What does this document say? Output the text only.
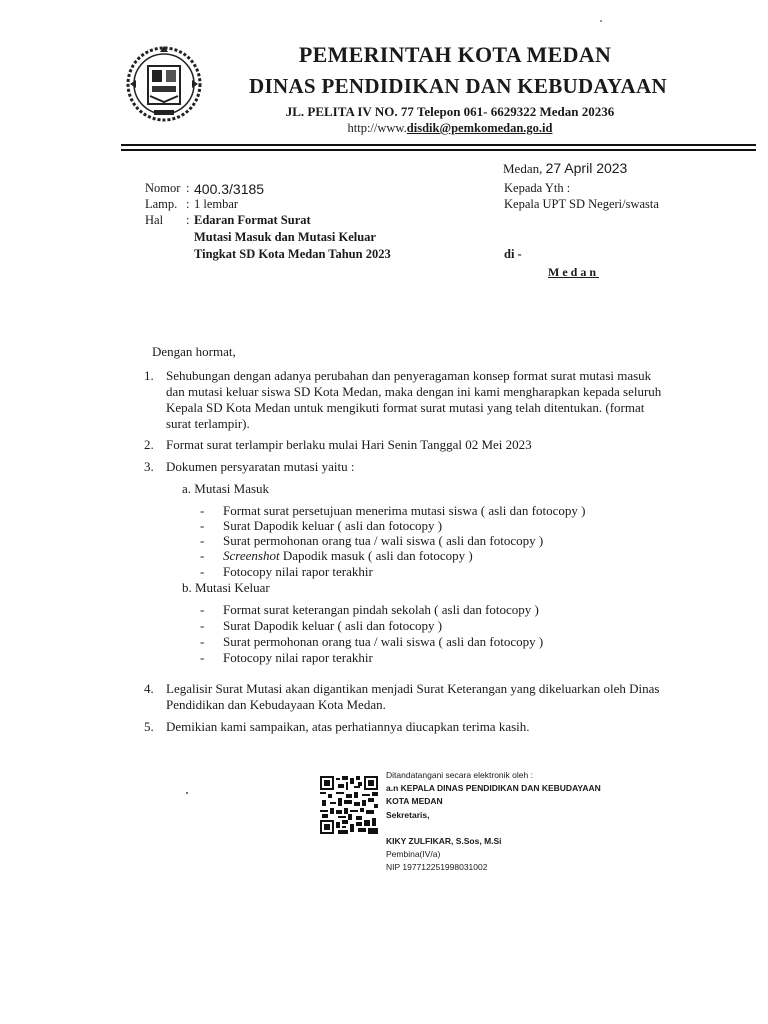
PEMERINTAH KOTA MEDAN
DINAS PENDIDIKAN DAN KEBUDAYAAN
JL. PELITA IV NO. 77 Telepon 061- 6629322 Medan 20236
http://www.disdik@pemkomedan.go.id
Medan, 27 April 2023
Nomor : 400.3/3185
Lamp. : 1 lembar
Hal	: Edaran Format Surat
Mutasi Masuk dan Mutasi Keluar
Tingkat SD Kota Medan Tahun 2023
Kepada Yth :
Kepala UPT SD Negeri/swasta
di -
Medan
Dengan hormat,
1. Sehubungan dengan adanya perubahan dan penyeragaman konsep format surat mutasi masuk
dan mutasi keluar siswa SD Kota Medan, maka dengan ini kami mengharapkan kepada seluruh
Kepala SD Kota Medan untuk mengikuti format surat mutasi yang telah ditentukan. (format
surat terlampir).
2. Format surat terlampir berlaku mulai Hari Senin Tanggal 02 Mei 2023
3. Dokumen persyaratan mutasi yaitu :
a. Mutasi Masuk
- Format surat persetujuan menerima mutasi siswa ( asli dan fotocopy )
- Surat Dapodik keluar ( asli dan fotocopy )
- Surat permohonan orang tua / wali siswa ( asli dan fotocopy )
- Screenshot Dapodik masuk ( asli dan fotocopy )
- Fotocopy nilai rapor terakhir
b. Mutasi Keluar
- Format surat keterangan pindah sekolah ( asli dan fotocopy )
- Surat Dapodik keluar ( asli dan fotocopy )
- Surat permohonan orang tua / wali siswa ( asli dan fotocopy )
- Fotocopy nilai rapor terakhir
4. Legalisir Surat Mutasi akan digantikan menjadi Surat Keterangan yang dikeluarkan oleh Dinas
Pendidikan dan Kebudayaan Kota Medan.
5. Demikian kami sampaikan, atas perhatiannya diucapkan terima kasih.
Ditandatangani secara elektronik oleh :
a.n KEPALA DINAS PENDIDIKAN DAN KEBUDAYAAN
KOTA MEDAN
Sekretaris,
KIKY ZULFIKAR, S.Sos, M.Si
Pembina(IV/a)
NIP 197712251998031002
